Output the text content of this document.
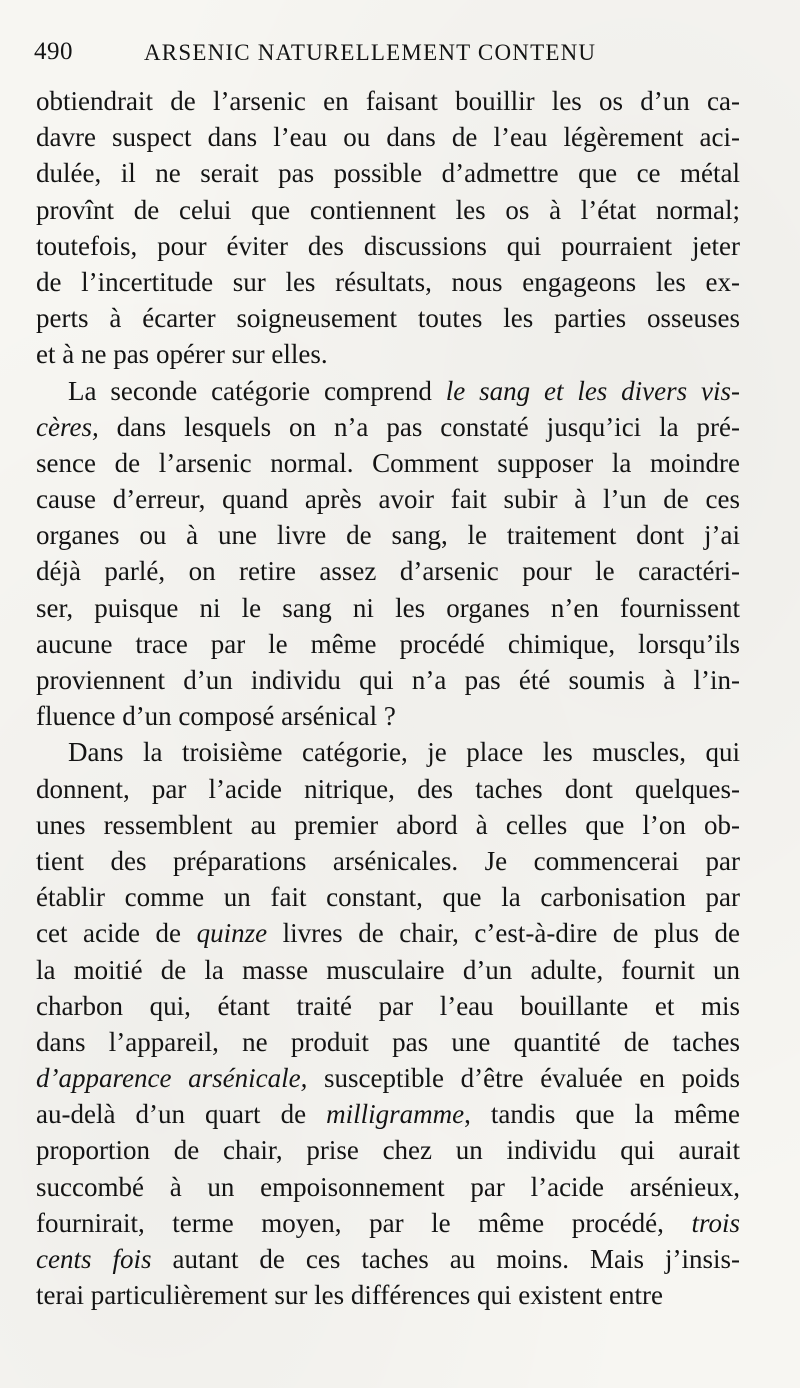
490	ARSENIC NATURELLEMENT CONTENU
obtiendrait de l’arsenic en faisant bouillir les os d’un ca-
davre suspect dans l’eau ou dans de l’eau légèrement aci-
dulée, il ne serait pas possible d’admettre que ce métal
provînt de celui que contiennent les os à l’état normal;
toutefois, pour éviter des discussions qui pourraient jeter
de l’incertitude sur les résultats, nous engageons les ex-
perts à écarter soigneusement toutes les parties osseuses
et à ne pas opérer sur elles.
La seconde catégorie comprend le sang et les divers vis-
cères, dans lesquels on n’a pas constaté jusqu’ici la pré-
sence de l’arsenic normal. Comment supposer la moindre
cause d’erreur, quand après avoir fait subir à l’un de ces
organes ou à une livre de sang, le traitement dont j’ai
déjà parlé, on retire assez d’arsenic pour le caractéri-
ser, puisque ni le sang ni les organes n’en fournissent
aucune trace par le même procédé chimique, lorsqu’ils
proviennent d’un individu qui n’a pas été soumis à l’in-
fluence d’un composé arsénical ?
Dans la troisième catégorie, je place les muscles, qui
donnent, par l’acide nitrique, des taches dont quelques-
unes ressemblent au premier abord à celles que l’on ob-
tient des préparations arsénicales. Je commencerai par
établir comme un fait constant, que la carbonisation par
cet acide de quinze livres de chair, c’est-à-dire de plus de
la moitié de la masse musculaire d’un adulte, fournit un
charbon qui, étant traité par l’eau bouillante et mis
dans l’appareil, ne produit pas une quantité de taches
d’apparence arsénicale, susceptible d’être évaluée en poids
au-delà d’un quart de milligramme, tandis que la même
proportion de chair, prise chez un individu qui aurait
succombé à un empoisonnement par l’acide arsénieux,
fournirait, terme moyen, par le même procédé, trois
cents fois autant de ces taches au moins. Mais j’insis-
terai particulièrement sur les différences qui existent entre
